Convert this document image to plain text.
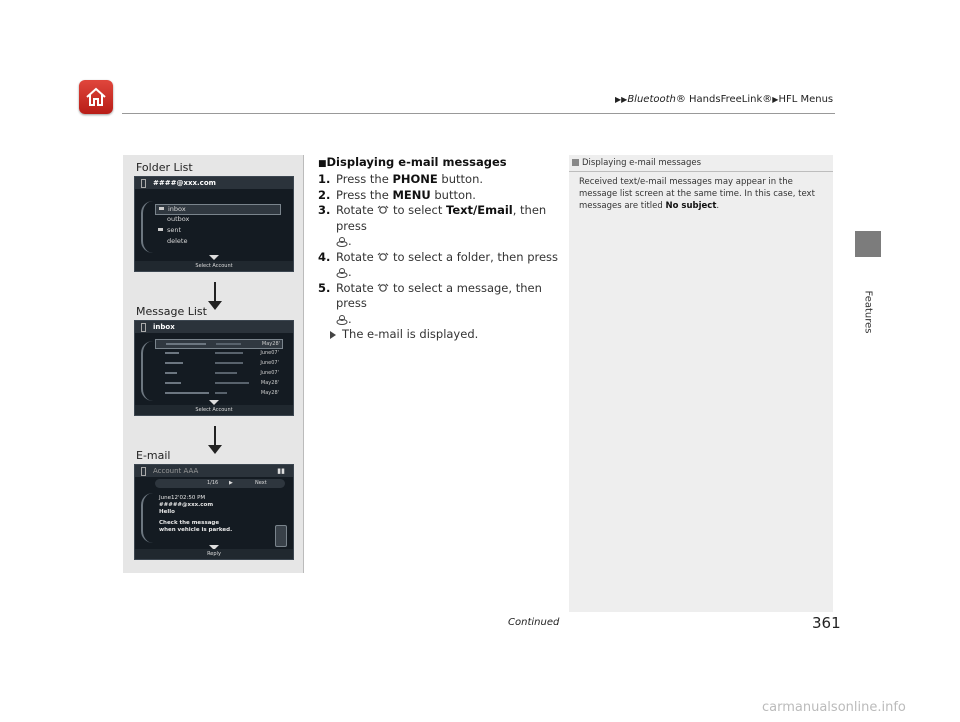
▶▶Bluetooth® HandsFreeLink®▶HFL Menus
Features
Folder List
####@xxx.com
inbox
outbox
sent
delete
Select Account
Message List
inbox
May28'
June07'
June07'
June07'
May28'
May28'
Select Account
E-mail
Account AAA	▮▮
1/16 ▶	Next
June12'02:50 PM
#####@xxx.com
Hello
Check the message
when vehicle is parked.
Reply
■Displaying e-mail messages
1. Press the PHONE button.
2. Press the MENU button.
3. Rotate to select Text/Email, then press
.
4. Rotate to select a folder, then press .
5. Rotate to select a message, then press
.
The e-mail is displayed.
Displaying e-mail messages
Received text/e-mail messages may appear in the message list screen at the same time. In this case, text messages are titled No subject.
Continued	361
carmanualsonline.info
